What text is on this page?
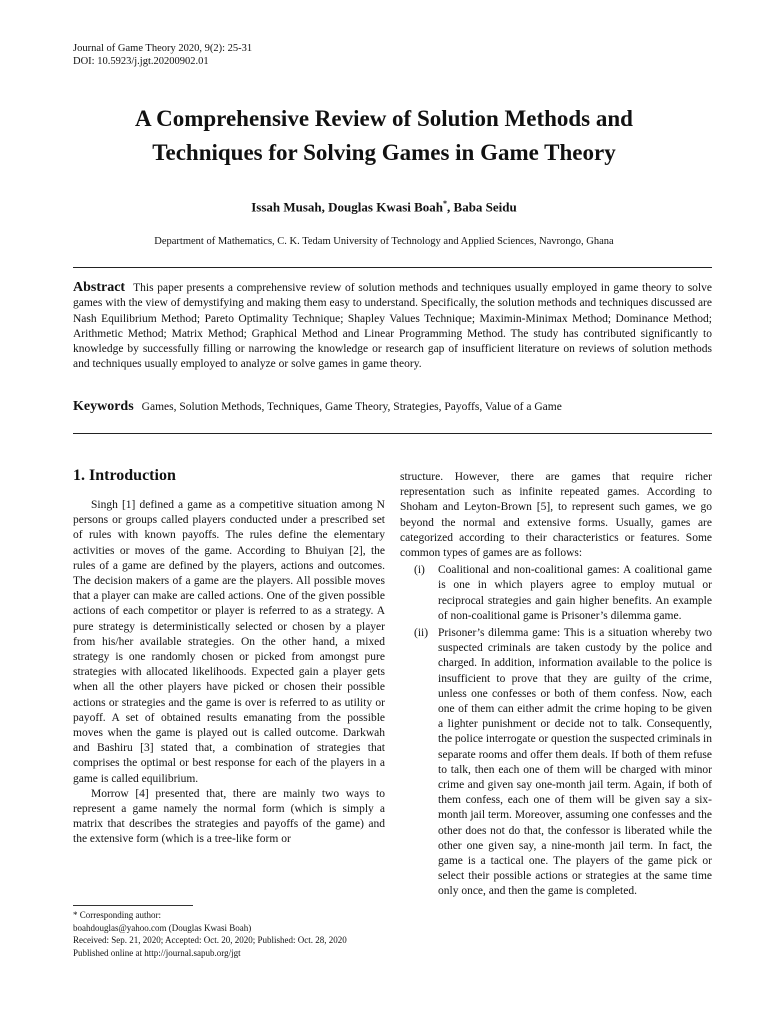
Journal of Game Theory 2020, 9(2): 25-31
DOI: 10.5923/j.jgt.20200902.01
A Comprehensive Review of Solution Methods and
Techniques for Solving Games in Game Theory
Issah Musah, Douglas Kwasi Boah*, Baba Seidu
Department of Mathematics, C. K. Tedam University of Technology and Applied Sciences, Navrongo, Ghana
Abstract This paper presents a comprehensive review of solution methods and techniques usually employed in game theory to solve games with the view of demystifying and making them easy to understand. Specifically, the solution methods and techniques discussed are Nash Equilibrium Method; Pareto Optimality Technique; Shapley Values Technique; Maximin-Minimax Method; Dominance Method; Arithmetic Method; Matrix Method; Graphical Method and Linear Programming Method. The study has contributed significantly to knowledge by successfully filling or narrowing the knowledge or research gap of insufficient literature on reviews of solution methods and techniques usually employed to analyze or solve games in game theory.
Keywords Games, Solution Methods, Techniques, Game Theory, Strategies, Payoffs, Value of a Game
1. Introduction

Singh [1] defined a game as a competitive situation among N persons or groups called players conducted under a prescribed set of rules with known payoffs. The rules define the elementary activities or moves of the game. According to Bhuiyan [2], the rules of a game are defined by the players, actions and outcomes. The decision makers of a game are the players. All possible moves that a player can make are called actions. One of the given possible actions of each competitor or player is referred to as a strategy. A pure strategy is deterministically selected or chosen by a player from his/her available strategies. On the other hand, a mixed strategy is one randomly chosen or picked from amongst pure strategies with allocated likelihoods. Expected gain a player gets when all the other players have picked or chosen their possible actions or strategies and the game is over is referred to as utility or payoff. A set of obtained results emanating from the possible moves when the game is played out is called outcome. Darkwah and Bashiru [3] stated that, a combination of strategies that comprises the optimal or best response for each of the players in a game is called equilibrium.

Morrow [4] presented that, there are mainly two ways to represent a game namely the normal form (which is simply a matrix that describes the strategies and payoffs of the game) and the extensive form (which is a tree-like form or

structure. However, there are games that require richer representation such as infinite repeated games. According to Shoham and Leyton-Brown [5], to represent such games, we go beyond the normal and extensive forms. Usually, games are categorized according to their characteristics or features. Some common types of games are as follows:

(i)	Coalitional and non-coalitional games: A coalitional game is one in which players agree to employ mutual or reciprocal strategies and gain higher benefits. An example of non-coalitional game is Prisoner’s dilemma game.
(ii) Prisoner’s dilemma game: This is a situation whereby two suspected criminals are taken custody by the police and charged. In addition, information available to the police is insufficient to prove that they are guilty of the crime, unless one confesses or both of them confess. Now, each one of them can either admit the crime hoping to be given a lighter punishment or decide not to talk. Consequently, the police interrogate or question the suspected criminals in separate rooms and offer them deals. If both of them refuse to talk, then each one of them will be charged with minor crime and given say one-month jail term. Again, if both of them confess, each one of them will be given say a six-month jail term. Moreover, assuming one confesses and the other does not do that, the confessor is liberated while the other one given say, a nine-month jail term. In fact, the game is a tactical one. The players of the game pick or select their possible actions or strategies at the same time only once, and then the game is completed.
* Corresponding author:
boahdouglas@yahoo.com (Douglas Kwasi Boah)
Received: Sep. 21, 2020; Accepted: Oct. 20, 2020; Published: Oct. 28, 2020
Published online at http://journal.sapub.org/jgt
